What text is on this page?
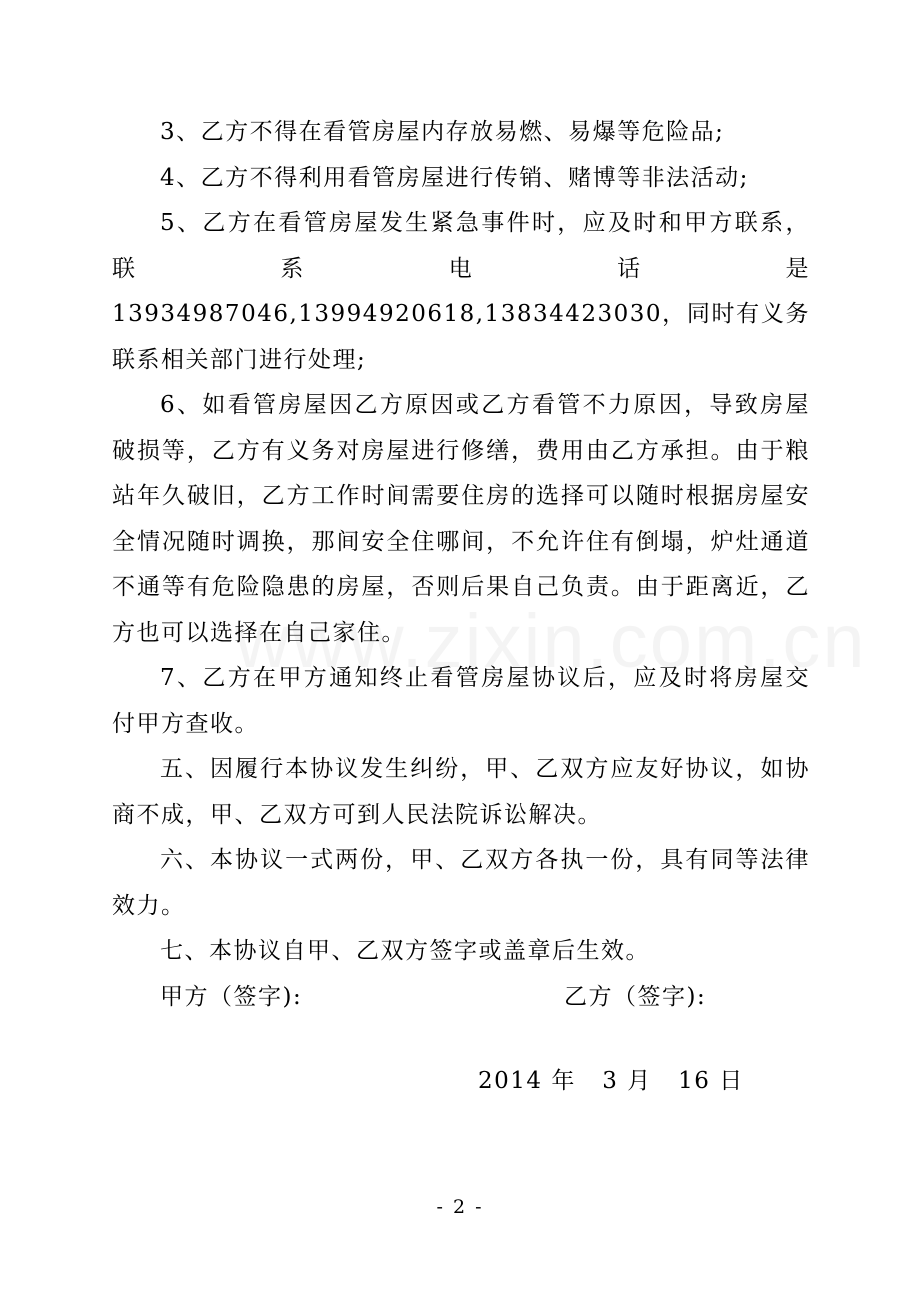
3、乙方不得在看管房屋内存放易燃、易爆等危险品;

4、乙方不得利用看管房屋进行传销、赌博等非法活动;

5、乙方在看管房屋发生紧急事件时，应及时和甲方联系，联系电话是 13934987046,13994920618,13834423030，同时有义务联系相关部门进行处理;

6、如看管房屋因乙方原因或乙方看管不力原因，导致房屋破损等，乙方有义务对房屋进行修缮，费用由乙方承担。由于粮站年久破旧，乙方工作时间需要住房的选择可以随时根据房屋安全情况随时调换，那间安全住哪间，不允许住有倒塌，炉灶通道不通等有危险隐患的房屋，否则后果自己负责。由于距离近，乙方也可以选择在自己家住。

7、乙方在甲方通知终止看管房屋协议后，应及时将房屋交付甲方查收。

五、因履行本协议发生纠纷，甲、乙双方应友好协议，如协商不成，甲、乙双方可到人民法院诉讼解决。

六、本协议一式两份，甲、乙双方各执一份，具有同等法律效力。

七、本协议自甲、乙双方签字或盖章后生效。

甲方（签字):	乙方（签字):
2014 年   3 月   16 日
- 2 -
